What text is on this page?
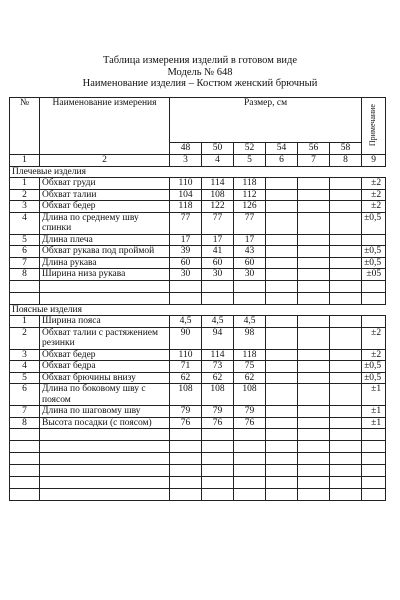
Таблица измерения изделий в готовом виде
Модель № 648
Наименование изделия – Костюм женский брючный
№	Наименование измерения	Размер, см						Примечание
		48	50	52	54	56	58	
1	2	3	4	5	6	7	8	9
Плечевые изделия								
1	Обхват груди	110	114	118				±2
2	Обхват талии	104	108	112				±2
3	Обхват бедер	118	122	126				±2
4	Длина по среднему шву спинки	77	77	77				±0,5
5	Длина плеча	17	17	17				
6	Обхват рукава под проймой	39	41	43				±0,5
7	Длина рукава	60	60	60				±0,5
8	Ширина низа рукава	30	30	30				±05

Поясные изделия								
1	Ширина пояса	4,5	4,5	4,5				
2	Обхват талии с растяжением резинки	90	94	98				±2
3	Обхват бедер	110	114	118				±2
4	Обхват бедра	71	73	75				±0,5
5	Обхват брючины внизу	62	62	62				±0,5
6	Длина по боковому шву с поясом	108	108	108				±1
7	Длина по шаговому шву	79	79	79				±1
8	Высота посадки (с поясом)	76	76	76				±1
